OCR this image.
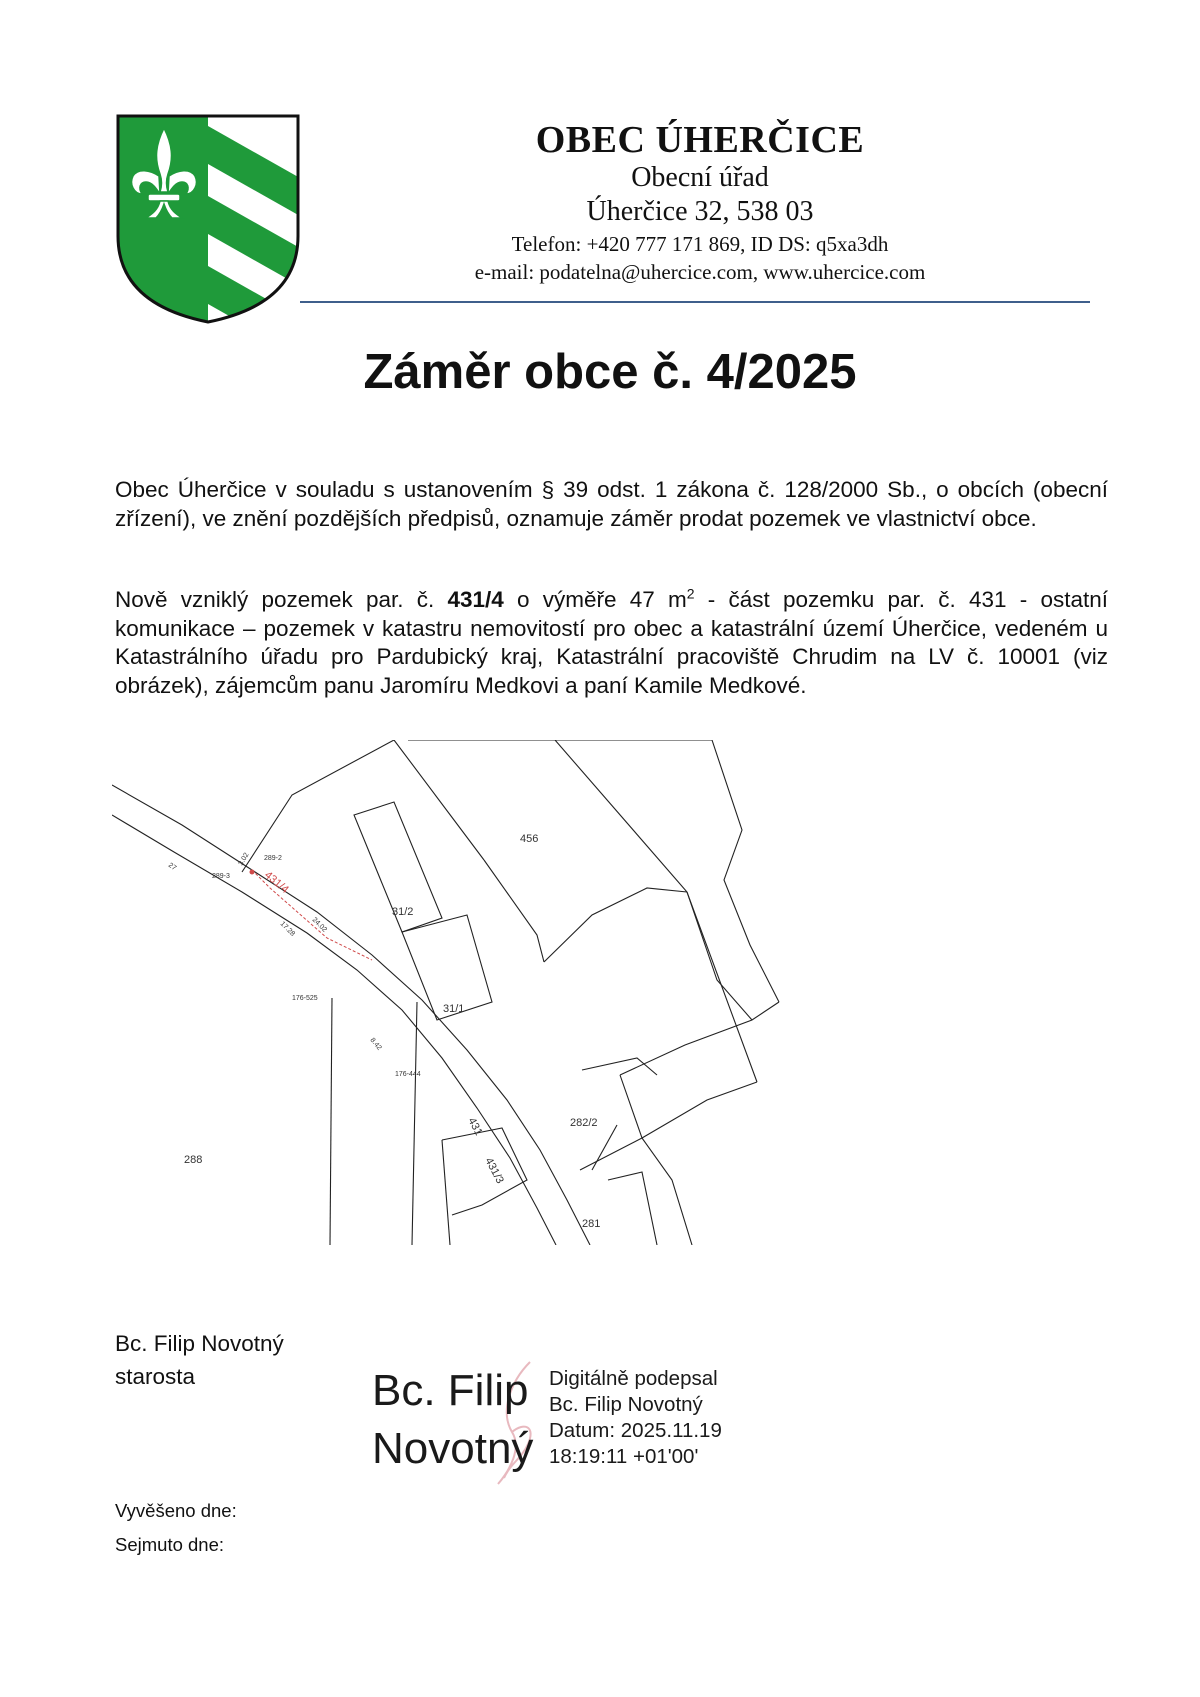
OBEC ÚHERČICE
Obecní úřad
Úherčice 32, 538 03
Telefon: +420 777 171 869, ID DS: q5xa3dh
e-mail: podatelna@uhercice.com, www.uhercice.com
Záměr obce č. 4/2025
Obec Úherčice v souladu s ustanovením § 39 odst. 1 zákona č. 128/2000 Sb., o obcích (obecní zřízení), ve znění pozdějších předpisů, oznamuje záměr prodat pozemek ve vlastnictví obce.
Nově vzniklý pozemek par. č. 431/4 o výměře 47 $m^2$ - část pozemku par. č. 431 - ostatní komunikace – pozemek v katastru nemovitostí pro obec a katastrální území Úherčice, vedeném u Katastrálního úřadu pro Pardubický kraj, Katastrální pracoviště Chrudim na LV č. 10001 (viz obrázek), zájemcům panu Jaromíru Medkovi a paní Kamile Medkové.
456
31/2
31/1
282/2
288
281
431
431/3
431/4
289-3
289-2
176-525
176-444
3.02
17.28 24.02
8.42
27
Bc. Filip Novotný
starosta	Bc. Filip
Novotný
Digitálně podepsal
Bc. Filip Novotný
Datum: 2025.11.19
18:19:11 +01'00'
Vyvěšeno dne:
Sejmuto dne:
